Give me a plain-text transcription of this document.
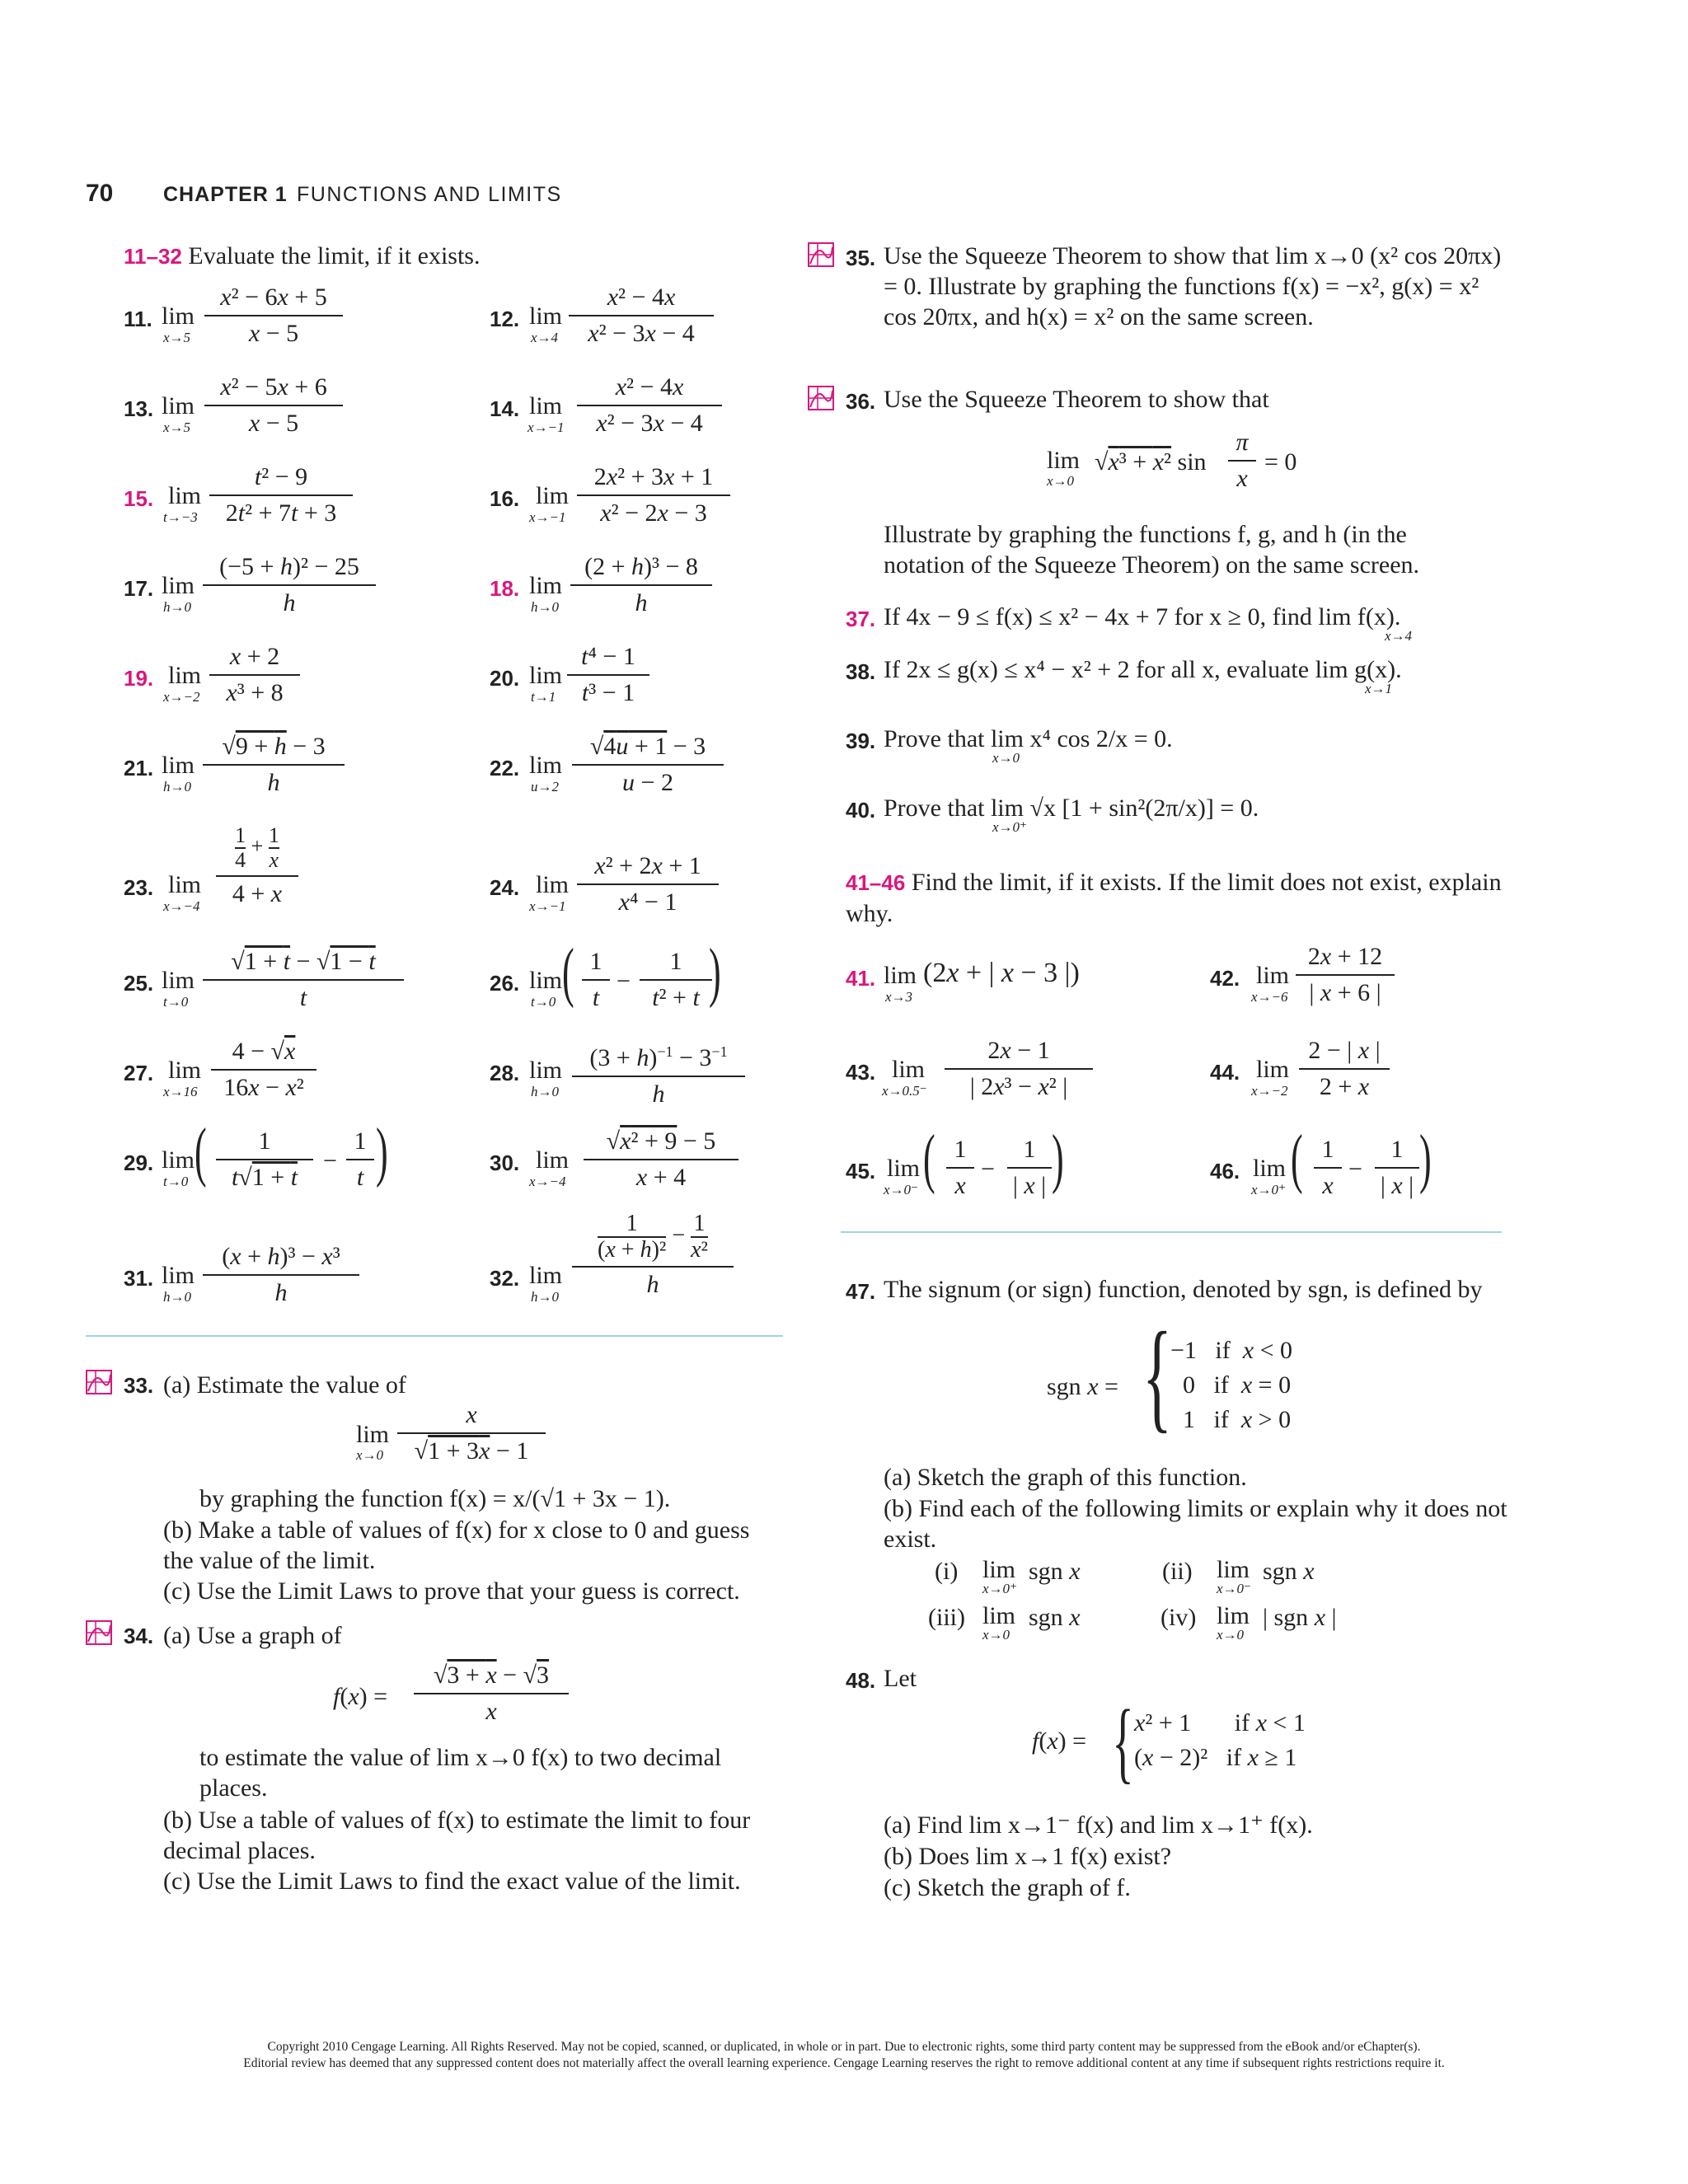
70 CHAPTER 1 FUNCTIONS AND LIMITS
11–32 Evaluate the limit, if it exists.
11. lim
x→5
x² − 6x + 5
x − 5
12. lim
x→4
x² − 4x
x² − 3x − 4
13. lim
x→5
x² − 5x + 6
x − 5
14. lim
x→−1
x² − 4x
x² − 3x − 4
15. lim
t→−3
t² − 9
2t² + 7t + 3
16. lim
x→−1
2x² + 3x + 1
x² − 2x − 3
17. lim
h→0
(−5 + h)² − 25
h
18. lim
h→0
(2 + h)³ − 8
h
19. lim
x→−2
x + 2
x³ + 8
20. lim
t→1
t⁴ − 1
t³ − 1
21. lim
h→0
√9 + h − 3
h
22. lim
u→2
√4u + 1 − 3
u − 2
23. lim
x→−4
$\frac{1}{4} + \frac{1}{x}$
4 + x	24. lim
x→−1
x² + 2x + 1
x⁴ − 1
25. lim
t→0
√1 + t − √1 − t
t
26. lim
t→0 ( 1
t
−
1
t² + t )
27. lim
x→16
4 − √x
16x − x²
28. lim
h→0
$(3 + h)^{-1} - 3^{-1}$
h
29. lim
t→0 (	1
t√1 + t
−
1
t )	30. lim
x→−4
√x² + 9 − 5
x + 4
31. lim
h→0
(x + h)³ − x³
h
32. lim
h→0
$\frac{1}{\text{(x + h)²}} - \frac{1}{\text{x²}}$
h
33. (a) Estimate the value of
lim
x→0
x
√1 + 3x − 1
by graphing the function f(x) = x/(√1 + 3x − 1).
(b) Make a table of values of f(x) for x close to 0 and guess the value of the limit.
(c) Use the Limit Laws to prove that your guess is correct.
34. (a) Use a graph of
f(x) =
√3 + x − √3
x
to estimate the value of lim x→0 f(x) to two decimal places.
(b) Use a table of values of f(x) to estimate the limit to four decimal places.
(c) Use the Limit Laws to find the exact value of the limit.
35. Use the Squeeze Theorem to show that lim x→0 (x² cos 20πx) = 0. Illustrate by graphing the functions f(x) = −x², g(x) = x² cos 20πx, and h(x) = x² on the same screen.
36. Use the Squeeze Theorem to show that
lim
x→0
√x³ + x² sin
π
x
= 0
Illustrate by graphing the functions f, g, and h (in the notation of the Squeeze Theorem) on the same screen.
37. If 4x − 9 ≤ f(x) ≤ x² − 4x + 7 for x ≥ 0, find lim f(x).
x→4
38. If 2x ≤ g(x) ≤ x⁴ − x² + 2 for all x, evaluate lim g(x).
x→1
39. Prove that lim x⁴ cos 2/x = 0.
x→0
40. Prove that lim √x [1 + sin²(2π/x)] = 0.
x→0⁺
41–46 Find the limit, if it exists. If the limit does not exist, explain why.
41. lim
x→3
(2x + | x − 3 |)	42. lim
x→−6
2x + 12
| x + 6 |
43. lim
x→0.5⁻
2x − 1
| 2x³ − x² |
44. lim
x→−2
2 − | x |
2 + x
45. lim
x→0⁻ ( 1
x
−
1
| x | )	46. lim
x→0⁺ ( 1
x
−
1
| x | )
47. The signum (or sign) function, denoted by sgn, is defined by
sgn x = {
−1   if  x < 0
0   if  x = 0
1   if  x > 0
(a) Sketch the graph of this function.
(b) Find each of the following limits or explain why it does not exist.
(i) lim
x→0⁺
sgn x	(ii) lim
x→0⁻
sgn x
(iii) lim
x→0
sgn x	(iv) lim
x→0
| sgn x |
48. Let
f(x) = { x² + 1       if x < 1
(x − 2)²   if x ≥ 1
(a) Find lim x→1⁻ f(x) and lim x→1⁺ f(x).
(b) Does lim x→1 f(x) exist?
(c) Sketch the graph of f.
Copyright 2010 Cengage Learning. All Rights Reserved. May not be copied, scanned, or duplicated, in whole or in part. Due to electronic rights, some third party content may be suppressed from the eBook and/or eChapter(s).
Editorial review has deemed that any suppressed content does not materially affect the overall learning experience. Cengage Learning reserves the right to remove additional content at any time if subsequent rights restrictions require it.
